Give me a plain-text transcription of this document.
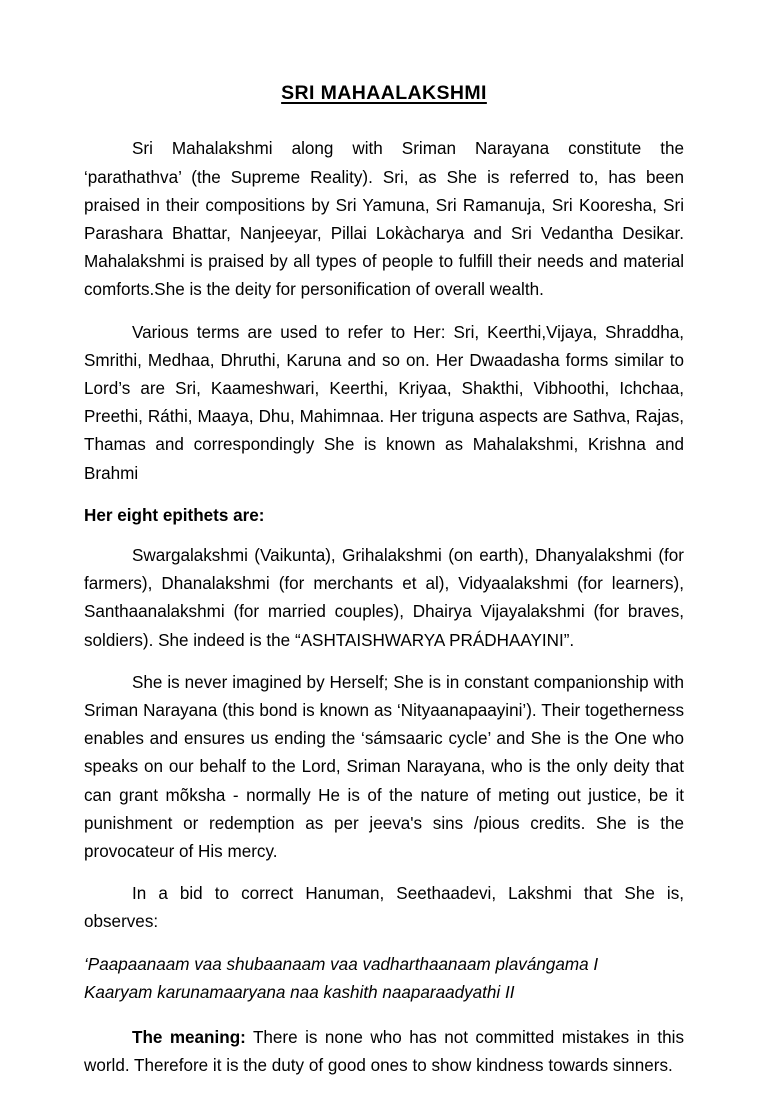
SRI MAHAALAKSHMI

Sri Mahalakshmi along with Sriman Narayana constitute the ‘parathathva’ (the Supreme Reality). Sri, as She is referred to, has been praised in their compositions by Sri Yamuna, Sri Ramanuja, Sri Kooresha, Sri Parashara Bhattar, Nanjeeyar, Pillai Lokàcharya and Sri Vedantha Desikar. Mahalakshmi is praised by all types of people to fulfill their needs and material comforts.She is the deity for personification of overall wealth.

Various terms are used to refer to Her: Sri, Keerthi,Vijaya, Shraddha, Smrithi, Medhaa, Dhruthi, Karuna and so on. Her Dwaadasha forms similar to Lord’s are Sri, Kaameshwari, Keerthi, Kriyaa, Shakthi, Vibhoothi, Ichchaa, Preethi, Ráthi, Maaya, Dhu, Mahimnaa. Her triguna aspects are Sathva, Rajas, Thamas and correspondingly She is known as Mahalakshmi, Krishna and Brahmi

Her eight epithets are:

Swargalakshmi (Vaikunta), Grihalakshmi (on earth), Dhanyalakshmi (for farmers), Dhanalakshmi (for merchants et al), Vidyaalakshmi (for learners), Santhaanalakshmi (for married couples), Dhairya Vijayalakshmi (for braves, soldiers). She indeed is the “ASHTAISHWARYA PRÁDHAAYINI”.

She is never imagined by Herself; She is in constant companionship with Sriman Narayana (this bond is known as ‘Nityaanapaayini’). Their togetherness enables and ensures us ending the ‘sámsaaric cycle’ and She is the One who speaks on our behalf to the Lord, Sriman Narayana, who is the only deity that can grant mõksha - normally He is of the nature of meting out justice, be it punishment or redemption as per jeeva's sins /pious credits. She is the provocateur of His mercy.

In a bid to correct Hanuman, Seethaadevi, Lakshmi that She is, observes:

‘Paapaanaam vaa shubaanaam vaa vadharthaanaam plavángama I
Kaaryam karunamaaryana naa kashith naaparaadyathi II

The meaning: There is none who has not committed mistakes in this world. Therefore it is the duty of good ones to show kindness towards sinners.
